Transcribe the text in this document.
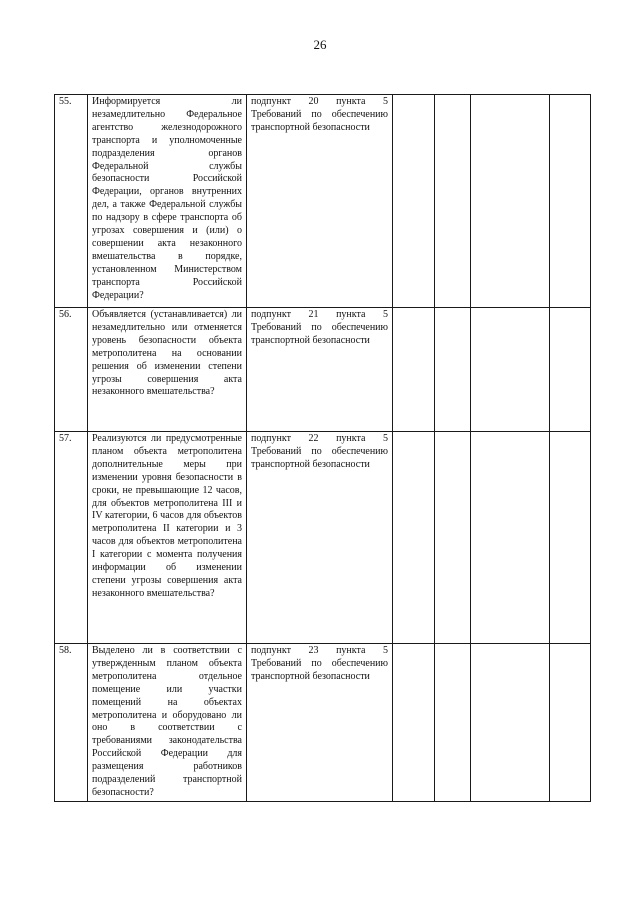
26
55.	Информируется ли незамедлительно Федеральное агентство железнодорожного транспорта и уполномоченные подразделения органов Федеральной службы безопасности Российской Федерации, органов внутренних дел, а также Федеральной службы по надзору в сфере транспорта об угрозах совершения и (или) о совершении акта незаконного вмешательства в порядке, установленном Министерством транспорта Российской Федерации?	подпункт 20 пункта 5 Требований по обеспечению транспортной безопасности				
56.	Объявляется (устанавливается) ли незамедлительно или отменяется уровень безопасности объекта метрополитена на основании решения об изменении степени угрозы совершения акта незаконного вмешательства?	подпункт 21 пункта 5 Требований по обеспечению транспортной безопасности				
57.	Реализуются ли предусмотренные планом объекта метрополитена дополнительные меры при изменении уровня безопасности в сроки, не превышающие 12 часов, для объектов метрополитена III и IV категории, 6 часов для объектов метрополитена II категории и 3 часов для объектов метрополитена I категории с момента получения информации об изменении степени угрозы совершения акта незаконного вмешательства?	подпункт 22 пункта 5 Требований по обеспечению транспортной безопасности				
58.	Выделено ли в соответствии с утвержденным планом объекта метрополитена отдельное помещение или участки помещений на объектах метрополитена и оборудовано ли оно в соответствии с требованиями законодательства Российской Федерации для размещения работников подразделений транспортной безопасности?	подпункт 23 пункта 5 Требований по обеспечению транспортной безопасности				
